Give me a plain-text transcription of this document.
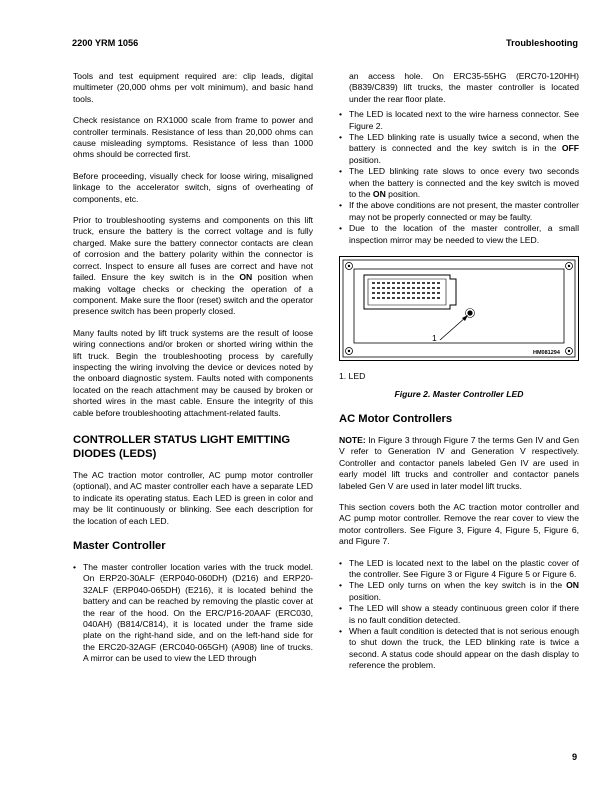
2200 YRM 1056	Troubleshooting

Tools and test equipment required are: clip leads, digital multimeter (20,000 ohms per volt minimum), and basic hand tools.

Check resistance on RX1000 scale from frame to power and controller terminals. Resistance of less than 20,000 ohms can cause misleading symptoms. Resistance of less than 1000 ohms should be corrected first.

Before proceeding, visually check for loose wiring, misaligned linkage to the accelerator switch, signs of overheating of components, etc.

Prior to troubleshooting systems and components on this lift truck, ensure the battery is the correct voltage and is fully charged. Make sure the battery connector contacts are clean of corrosion and the battery polarity within the connector is correct. Inspect to ensure all fuses are correct and have not failed. Ensure the key switch is in the ON position when making voltage checks or checking the operation of a component. Make sure the floor (reset) switch and the operator presence switch has been properly closed.

Many faults noted by lift truck systems are the result of loose wiring connections and/or broken or shorted wiring within the lift truck. Begin the troubleshooting process by carefully inspecting the wiring involving the device or devices noted by the onboard diagnostic system. Faults noted with components located on the reach attachment may be caused by broken or shorted wires in the mast cable. Ensure the integrity of this cable before troubleshooting attachment-related faults.

CONTROLLER STATUS LIGHT EMITTING
DIODES (LEDS)

The AC traction motor controller, AC pump motor controller (optional), and AC master controller each have a separate LED to indicate its operating status. Each LED is green in color and may be lit continuously or blinking. See each description for the location of each LED.

Master Controller
• The master controller location varies with the truck model. On ERP20-30ALF (ERP040-060DH) (D216) and ERP20-32ALF (ERP040-065DH) (E216), it is located behind the battery and can be reached by removing the plastic cover at the rear of the hood. On the ERC/P16-20AAF (ERC030, 040AH) (B814/C814), it is located under the frame side plate on the right-hand side, and on the left-hand side for the ERC20-32AGF (ERC040-065GH) (A908) line of trucks. A mirror can be used to view the LED through

an access hole. On ERC35-55HG (ERC70-120HH) (B839/C839) lift trucks, the master controller is located under the rear floor plate.

• The LED is located next to the wire harness connector. See Figure 2.
• The LED blinking rate is usually twice a second, when the battery is connected and the key switch is in the OFF position.
• The LED blinking rate slows to once every two seconds when the battery is connected and the key switch is moved to the ON position.
• If the above conditions are not present, the master controller may not be properly connected or may be faulty.
• Due to the location of the master controller, a small inspection mirror may be needed to view the LED.
1
HM081294

1. LED

Figure 2. Master Controller LED

AC Motor Controllers

NOTE: In Figure 3 through Figure 7 the terms Gen IV and Gen V refer to Generation IV and Generation V respectively. Controller and contactor panels labeled Gen IV are used in early model lift trucks and controller and contactor panels labeled Gen V are used in later model lift trucks.

This section covers both the AC traction motor controller and AC pump motor controller. Remove the rear cover to view the motor controllers. See Figure 3, Figure 4, Figure 5, Figure 6, and Figure 7.

• The LED is located next to the label on the plastic cover of the controller. See Figure 3 or Figure 4 Figure 5 or Figure 6.
• The LED only turns on when the key switch is in the ON position.
• The LED will show a steady continuous green color if there is no fault condition detected.
• When a fault condition is detected that is not serious enough to shut down the truck, the LED blinking rate is twice a second. A status code should appear on the dash display to reference the problem.
9
